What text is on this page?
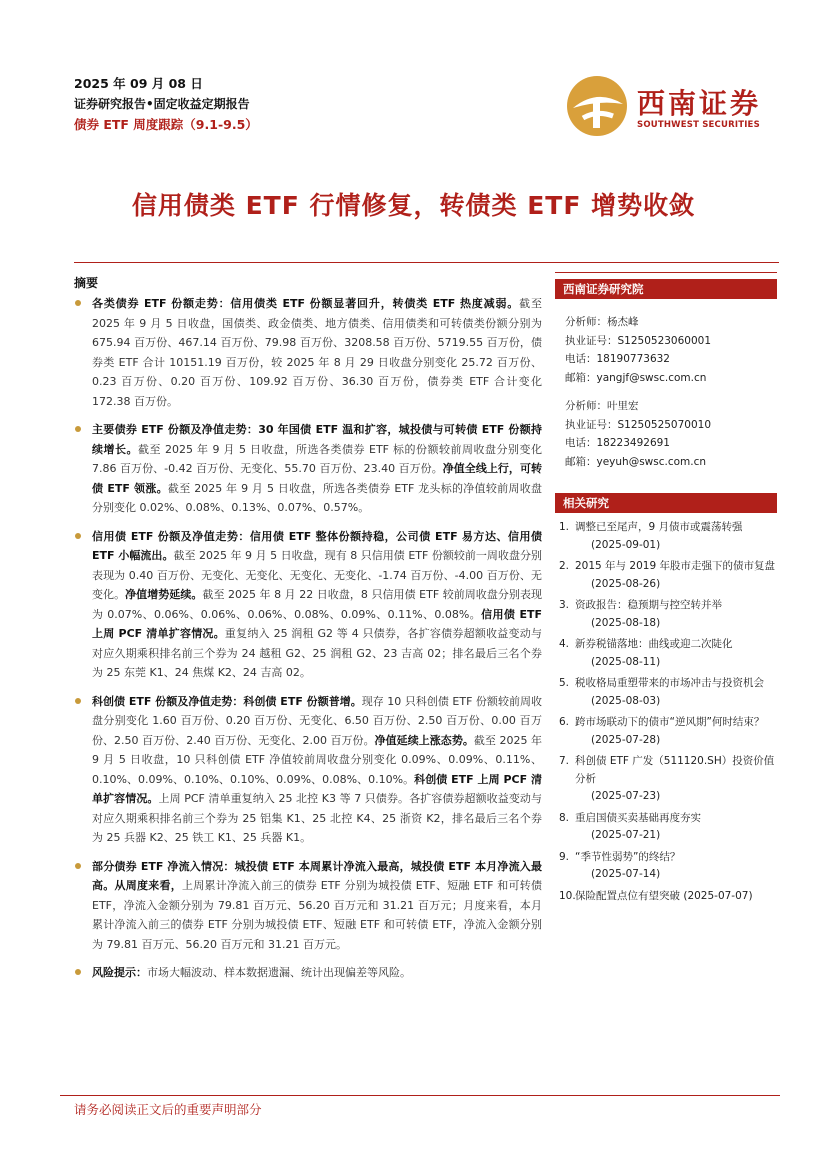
2025 年 09 月 08 日
证券研究报告•固定收益定期报告
债券 ETF 周度跟踪（9.1-9.5）
西南证券
SOUTHWEST SECURITIES
信用债类 ETF 行情修复，转债类 ETF 增势收敛
摘要
各类债券 ETF 份额走势：信用债类 ETF 份额显著回升，转债类 ETF 热度减弱。截至 2025 年 9 月 5 日收盘，国债类、政金债类、地方债类、信用债类和可转债类份额分别为 675.94 百万份、467.14 百万份、79.98 百万份、3208.58 百万份、5719.55 百万份，债券类 ETF 合计 10151.19 百万份，较 2025 年 8 月 29 日收盘分别变化 25.72 百万份、0.23 百万份、0.20 百万份、109.92 百万份、36.30 百万份，债券类 ETF 合计变化 172.38 百万份。
主要债券 ETF 份额及净值走势：30 年国债 ETF 温和扩容，城投债与可转债 ETF 份额持续增长。截至 2025 年 9 月 5 日收盘，所选各类债券 ETF 标的份额较前周收盘分别变化 7.86 百万份、-0.42 百万份、无变化、55.70 百万份、23.40 百万份。净值全线上行，可转债 ETF 领涨。截至 2025 年 9 月 5 日收盘，所选各类债券 ETF 龙头标的净值较前周收盘分别变化 0.02%、0.08%、0.13%、0.07%、0.57%。
信用债 ETF 份额及净值走势：信用债 ETF 整体份额持稳，公司债 ETF 易方达、信用债 ETF 小幅流出。截至 2025 年 9 月 5 日收盘，现有 8 只信用债 ETF 份额较前一周收盘分别表现为 0.40 百万份、无变化、无变化、无变化、无变化、-1.74 百万份、-4.00 百万份、无变化。净值增势延续。截至 2025 年 8 月 22 日收盘，8 只信用债 ETF 较前周收盘分别表现为 0.07%、0.06%、0.06%、0.06%、0.08%、0.09%、0.11%、0.08%。信用债 ETF 上周 PCF 清单扩容情况。重复纳入 25 润租 G2 等 4 只债券，各扩容债券超额收益变动与对应久期乘积排名前三个券为 24 越租 G2、25 润租 G2、23 吉高 02；排名最后三名个券为 25 东莞 K1、24 焦煤 K2、24 吉高 02。
科创债 ETF 份额及净值走势：科创债 ETF 份额普增。现存 10 只科创债 ETF 份额较前周收盘分别变化 1.60 百万份、0.20 百万份、无变化、6.50 百万份、2.50 百万份、0.00 百万份、2.50 百万份、2.40 百万份、无变化、2.00 百万份。净值延续上涨态势。截至 2025 年 9 月 5 日收盘，10 只科创债 ETF 净值较前周收盘分别变化 0.09%、0.09%、0.11%、0.10%、0.09%、0.10%、0.10%、0.09%、0.08%、0.10%。科创债 ETF 上周 PCF 清单扩容情况。上周 PCF 清单重复纳入 25 北控 K3 等 7 只债券。各扩容债券超额收益变动与对应久期乘积排名前三个券为 25 铝集 K1、25 北控 K4、25 浙资 K2，排名最后三名个券为 25 兵器 K2、25 铁工 K1、25 兵器 K1。
部分债券 ETF 净流入情况：城投债 ETF 本周累计净流入最高，城投债 ETF 本月净流入最高。从周度来看，上周累计净流入前三的债券 ETF 分别为城投债 ETF、短融 ETF 和可转债 ETF，净流入金额分别为 79.81 百万元、56.20 百万元和 31.21 百万元；月度来看，本月累计净流入前三的债券 ETF 分别为城投债 ETF、短融 ETF 和可转债 ETF，净流入金额分别为 79.81 百万元、56.20 百万元和 31.21 百万元。
风险提示：市场大幅波动、样本数据遗漏、统计出现偏差等风险。
西南证券研究院
分析师：杨杰峰
执业证号：S1250523060001
电话：18190773632
邮箱：yangjf@swsc.com.cn
分析师：叶里宏
执业证号：S1250525070010
电话：18223492691
邮箱：yeyuh@swsc.com.cn
相关研究
1. 调整已至尾声，9 月债市或震荡转强
(2025-09-01)
2. 2015 年与 2019 年股市走强下的债市复盘
(2025-08-26)
3. 资政报告：稳预期与控空转并举
(2025-08-18)
4. 新券税锚落地：曲线或迎二次陡化
(2025-08-11)
5. 税收格局重塑带来的市场冲击与投资机会
(2025-08-03)
6. 跨市场联动下的债市“逆风期”何时结束？
(2025-07-28)
7. 科创债 ETF 广发（511120.SH）投资价值分析
(2025-07-23)
8. 重启国债买卖基础再度夯实
(2025-07-21)
9. “季节性弱势”的终结？
(2025-07-14)
10. 保险配置点位有望突破 (2025-07-07)
请务必阅读正文后的重要声明部分
